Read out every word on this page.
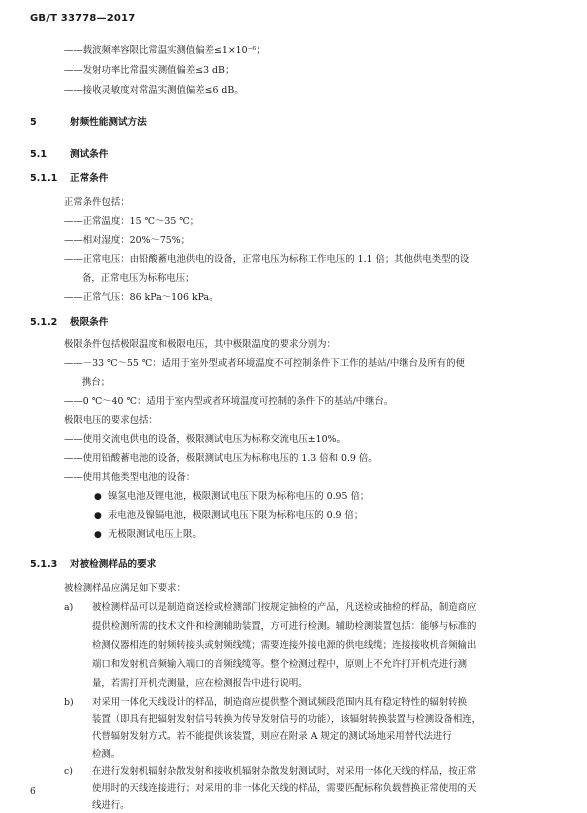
GB/T 33778—2017
——载波频率容限比常温实测值偏差≤1×10⁻⁶；
——发射功率比常温实测值偏差≤3 dB；
——接收灵敏度对常温实测值偏差≤6 dB。
5	射频性能测试方法
5.1 测试条件
5.1.1 正常条件
正常条件包括：
——正常温度：15 ℃～35 ℃；
——相对湿度：20%～75%；
——正常电压：由铅酸蓄电池供电的设备，正常电压为标称工作电压的 1.1 倍；其他供电类型的设
备，正常电压为标称电压；
——正常气压：86 kPa～106 kPa。
5.1.2 极限条件
极限条件包括极限温度和极限电压，其中极限温度的要求分别为：
——－33 ℃～55 ℃：适用于室外型或者环境温度不可控制条件下工作的基站/中继台及所有的便
携台；
——0 ℃～40 ℃：适用于室内型或者环境温度可控制的条件下的基站/中继台。
极限电压的要求包括：
——使用交流电供电的设备，极限测试电压为标称交流电压±10%。
——使用铅酸蓄电池的设备，极限测试电压为标称电压的 1.3 倍和 0.9 倍。
——使用其他类型电池的设备：
● 镍氢电池及锂电池，极限测试电压下限为标称电压的 0.95 倍；
● 汞电池及镍镉电池，极限测试电压下限为标称电压的 0.9 倍；
● 无极限测试电压上限。
5.1.3 对被检测样品的要求
被检测样品应满足如下要求：
a) 被检测样品可以是制造商送检或检测部门按规定抽检的产品，凡送检或抽检的样品，制造商应
提供检测所需的技术文件和检测辅助装置，方可进行检测。辅助检测装置包括：能够与标准的
检测仪器相连的射频转接头或射频线缆；需要连接外接电源的供电线缆；连接接收机音频输出
端口和发射机音频输入端口的音频线缆等。整个检测过程中，原则上不允许打开机壳进行测
量，若需打开机壳测量，应在检测报告中进行说明。
6
b) 对采用一体化天线设计的样品，制造商应提供整个测试频段范围内具有稳定特性的辐射转换
装置（即具有把辐射发射信号转换为传导发射信号的功能），该辐射转换装置与检测设备相连，
代替辐射发射方式。若不能提供该装置，则应在附录 A 规定的测试场地采用替代法进行
检测。
c) 在进行发射机辐射杂散发射和接收机辐射杂散发射测试时，对采用一体化天线的样品，按正常
使用时的天线连接进行；对采用的非一体化天线的样品，需要匹配标称负载替换正常使用的天
线进行。
